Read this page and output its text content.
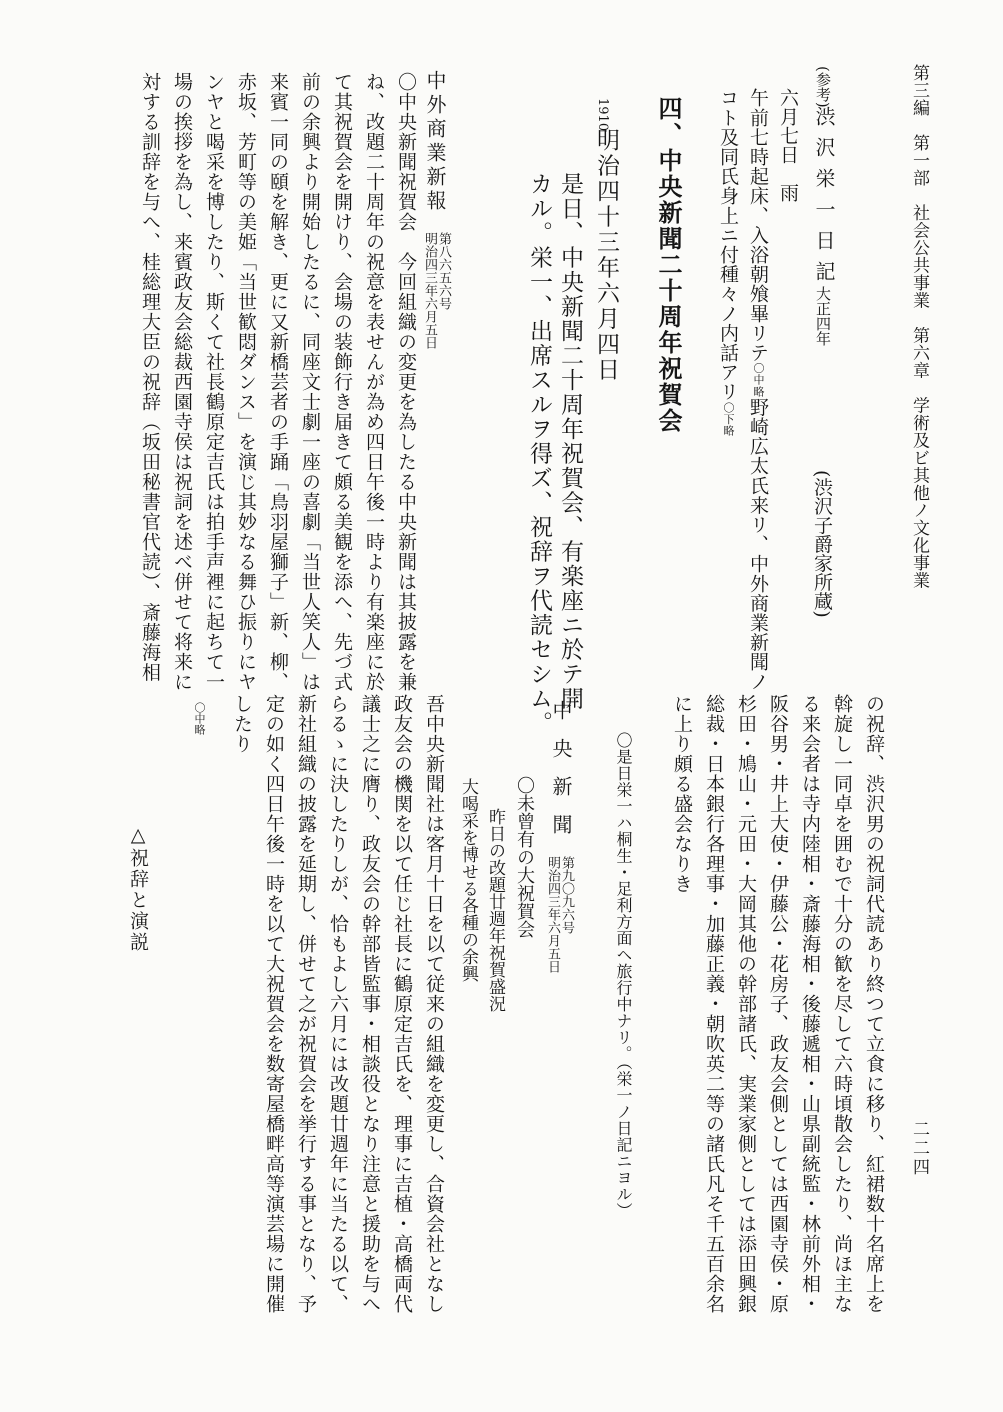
第三編　第一部　社会公共事業　第六章　学術及ビ其他ノ文化事業
二二四
(参考)
渋沢栄一日記
大正四年
(渋沢子爵家所蔵)
六月七日　雨
午前七時起床、入浴朝飧畢リテ〇中略野崎広太氏来リ、中外商業新聞ノ
コト及同氏身上ニ付種々ノ内話アリ〇下略
四、中央新聞二十周年祝賀会
1910
明治四十三年六月四日
是日、中央新聞二十周年祝賀会、有楽座ニ於テ開
カル。栄一、出席スルヲ得ズ、祝辞ヲ代読セシム。
中外商業新報
第八六五六号
明治四三年六月五日
〇中央新聞祝賀会　今回組織の変更を為したる中央新聞は其披露を兼
ね、改題二十周年の祝意を表せんが為め四日午後一時より有楽座に於
て其祝賀会を開けり、会場の装飾行き届きて頗る美観を添へ、先づ式
前の余興より開始したるに、同座文士劇一座の喜劇「当世人笑人」は
来賓一同の頤を解き、更に又新橋芸者の手踊「鳥羽屋獅子」新、柳、
赤坂、芳町等の美姫「当世歓悶ダンス」を演じ其妙なる舞ひ振りにヤ
ンヤと喝采を博したり、斯くて社長鶴原定吉氏は拍手声裡に起ちて一
場の挨拶を為し、来賓政友会総裁西園寺侯は祝詞を述べ併せて将来に
対する訓辞を与へ、桂総理大臣の祝辞（坂田秘書官代読）、斎藤海相
の祝辞、渋沢男の祝詞代読あり終つて立食に移り、紅裙数十名席上を
斡旋し一同卓を囲むで十分の歓を尽して六時頃散会したり、尚ほ主な
る来会者は寺内陸相・斎藤海相・後藤遞相・山県副統監・林前外相・
阪谷男・井上大使・伊藤公・花房子、政友会側としては西園寺侯・原
杉田・鳩山・元田・大岡其他の幹部諸氏、実業家側としては添田興銀
総裁・日本銀行各理事・加藤正義・朝吹英二等の諸氏凡そ千五百余名
に上り頗る盛会なりき
〇是日栄一ハ桐生・足利方面ヘ旅行中ナリ。（栄一ノ日記ニヨル）
中央新聞
第九〇九六号
明治四三年六月五日
〇未曾有の大祝賀会
昨日の改題廿週年祝賀盛況
大喝采を博せる各種の余興
吾中央新聞社は客月十日を以て従来の組織を変更し、合資会社となし
政友会の機関を以て任じ社長に鶴原定吉氏を、理事に吉植・高橋両代
議士之に膺り、政友会の幹部皆監事・相談役となり注意と援助を与へ
らるゝに決したりしが、恰もよし六月には改題廿週年に当たる以て、
新社組織の披露を延期し、併せて之が祝賀会を挙行する事となり、予
定の如く四日午後一時を以て大祝賀会を数寄屋橋畔高等演芸場に開催
したり
〇中略
△祝辞と演説
